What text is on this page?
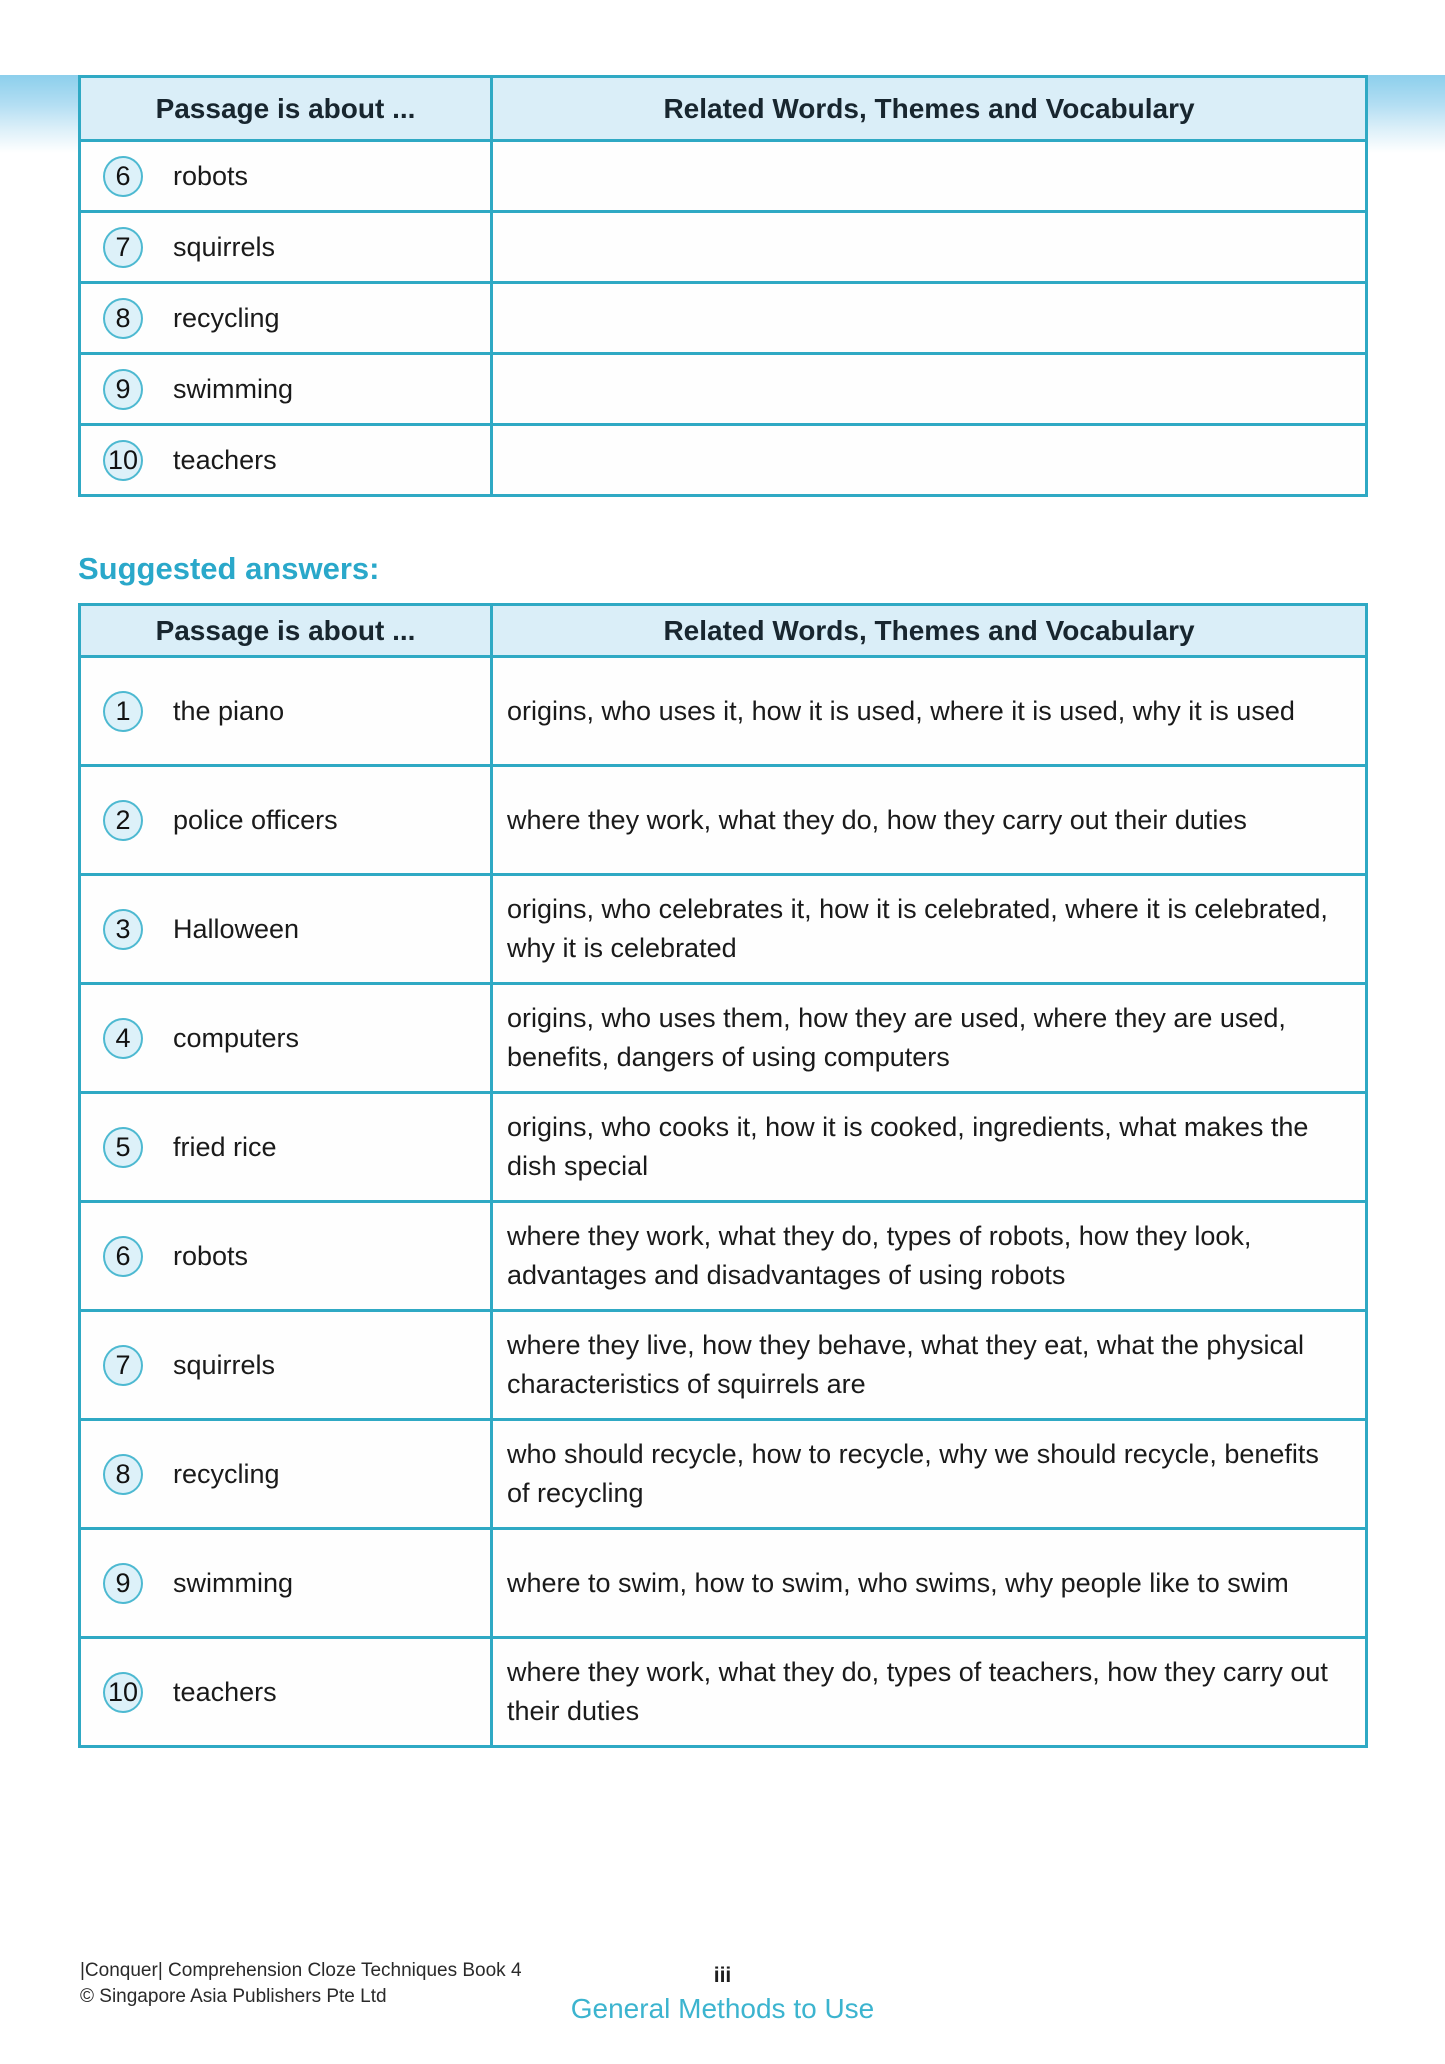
Passage is about ...	Related Words, Themes and Vocabulary
6 robots	
7 squirrels	
8 recycling	
9 swimming	
10 teachers	
Suggested answers:
Passage is about ...	Related Words, Themes and Vocabulary
1 the piano	origins, who uses it, how it is used, where it is used, why it is used
2 police officers	where they work, what they do, how they carry out their duties
3 Halloween	origins, who celebrates it, how it is celebrated, where it is celebrated, why it is celebrated
4 computers	origins, who uses them, how they are used, where they are used, benefits, dangers of using computers
5 fried rice	origins, who cooks it, how it is cooked, ingredients, what makes the dish special
6 robots	where they work, what they do, types of robots, how they look, advantages and disadvantages of using robots
7 squirrels	where they live, how they behave, what they eat, what the physical characteristics of squirrels are
8 recycling	who should recycle, how to recycle, why we should recycle, benefits of recycling
9 swimming	where to swim, how to swim, who swims, why people like to swim
10 teachers	where they work, what they do, types of teachers, how they carry out their duties
|Conquer| Comprehension Cloze Techniques Book 4
© Singapore Asia Publishers Pte Ltd
iii
General Methods to Use
